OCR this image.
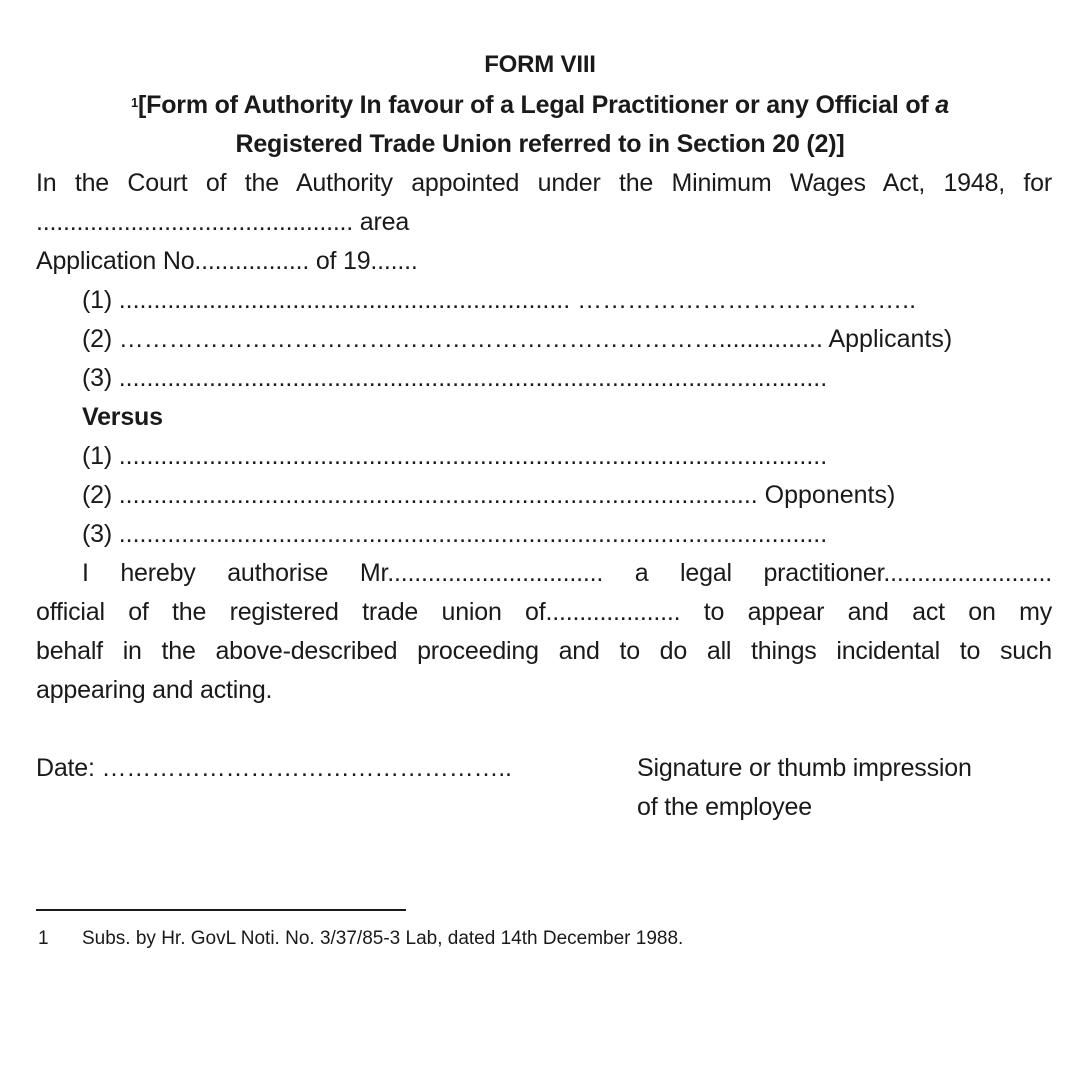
FORM VIII
$^1$[Form of Authority In favour of a Legal Practitioner or any Official of a
Registered Trade Union referred to in Section 20 (2)]
In the Court of the Authority appointed under the Minimum Wages Act, 1948, for
............................................... area
Application No................. of 19.......
(1) ................................................................. …………………………………..
(2) ………………………………………………………………............... Applicants)
(3) ......................................................................................................
Versus
(1) ......................................................................................................
(2) ............................................................................................ Opponents)
(3) ......................................................................................................
I hereby authorise Mr................................ a legal practitioner.........................
official of the registered trade union of.................... to appear and act on my
behalf in the above-described proceeding and to do all things incidental to such
appearing and acting.
Date: …………………………………………..	Signature or thumb impression
of the employee
1 Subs. by Hr. GovL Noti. No. 3/37/85-3 Lab, dated 14th December 1988.
